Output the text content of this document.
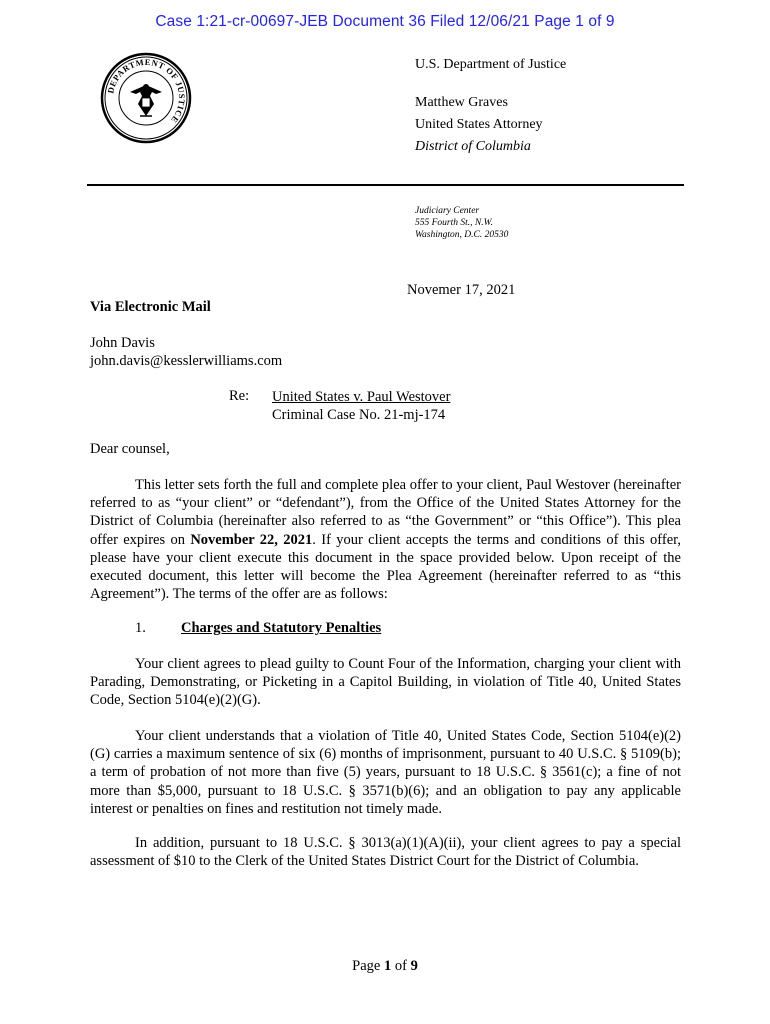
Case 1:21-cr-00697-JEB Document 36 Filed 12/06/21 Page 1 of 9
DEPARTMENT OF JUSTICE
U.S. Department of Justice
Matthew Graves
United States Attorney
District of Columbia
Judiciary Center
555 Fourth St., N.W.
Washington, D.C. 20530
Novemer 17, 2021
Via Electronic Mail
John Davis
john.davis@kesslerwilliams.com
Re: United States v. Paul Westover
Criminal Case No. 21-mj-174
Dear counsel,
This letter sets forth the full and complete plea offer to your client, Paul Westover (hereinafter referred to as “your client” or “defendant”), from the Office of the United States Attorney for the District of Columbia (hereinafter also referred to as “the Government” or “this Office”). This plea offer expires on November 22, 2021. If your client accepts the terms and conditions of this offer, please have your client execute this document in the space provided below. Upon receipt of the executed document, this letter will become the Plea Agreement (hereinafter referred to as “this Agreement”). The terms of the offer are as follows:
1. Charges and Statutory Penalties
Your client agrees to plead guilty to Count Four of the Information, charging your client with Parading, Demonstrating, or Picketing in a Capitol Building, in violation of Title 40, United States Code, Section 5104(e)(2)(G).
Your client understands that a violation of Title 40, United States Code, Section 5104(e)(2)(G) carries a maximum sentence of six (6) months of imprisonment, pursuant to 40 U.S.C. § 5109(b); a term of probation of not more than five (5) years, pursuant to 18 U.S.C. § 3561(c); a fine of not more than $5,000, pursuant to 18 U.S.C. § 3571(b)(6); and an obligation to pay any applicable interest or penalties on fines and restitution not timely made.
In addition, pursuant to 18 U.S.C. § 3013(a)(1)(A)(ii), your client agrees to pay a special assessment of $10 to the Clerk of the United States District Court for the District of Columbia.
Page 1 of 9
